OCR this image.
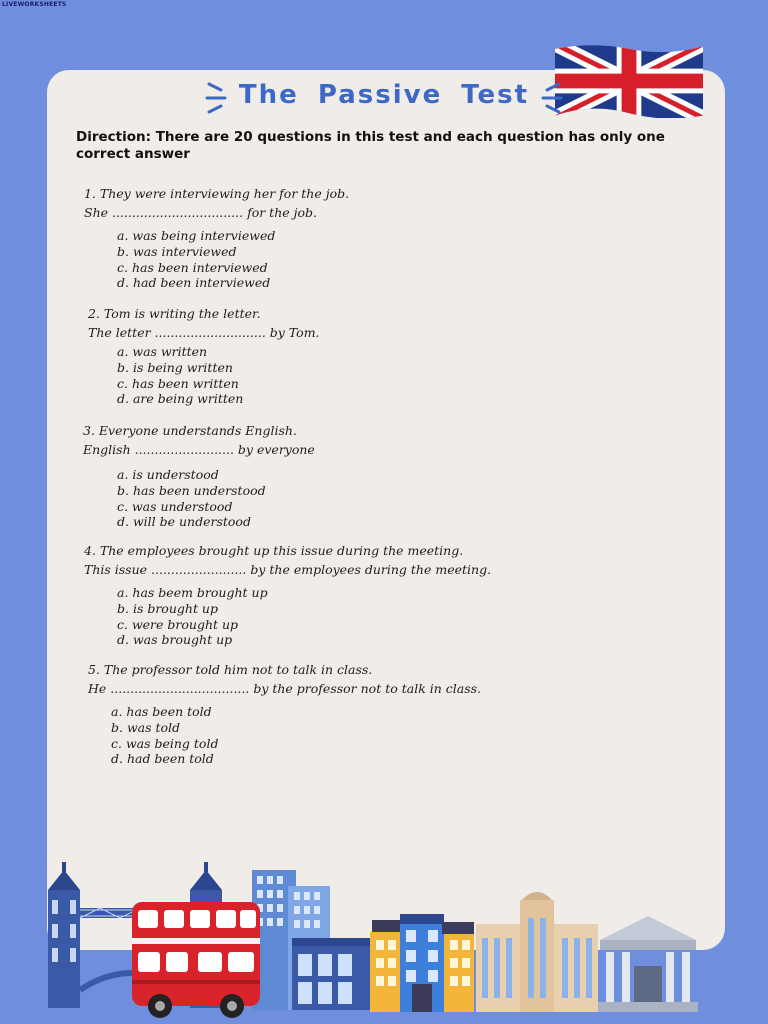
LIVEWORKSHEETS
The Passive Test
Direction: There are 20 questions in this test and each question has only one correct answer
1. They were interviewing her for the job.
She ................................. for the job.
a. was being interviewed
b. was interviewed
c. has been interviewed
d. had been interviewed
2. Tom is writing the letter.
The letter ............................ by Tom.
a. was written
b. is being written
c. has been written
d. are being written
3. Everyone understands English.
English ......................... by everyone
a. is understood
b. has been understood
c. was understood
d. will be understood
4. The employees brought up this issue during the meeting.
This issue ........................ by the employees during the meeting.
a. has beem brought up
b. is brought up
c. were brought up
d. was brought up
5. The professor told him not to talk in class.
He ................................... by the professor not to talk in class.
a. has been told
b. was told
c. was being told
d. had been told
